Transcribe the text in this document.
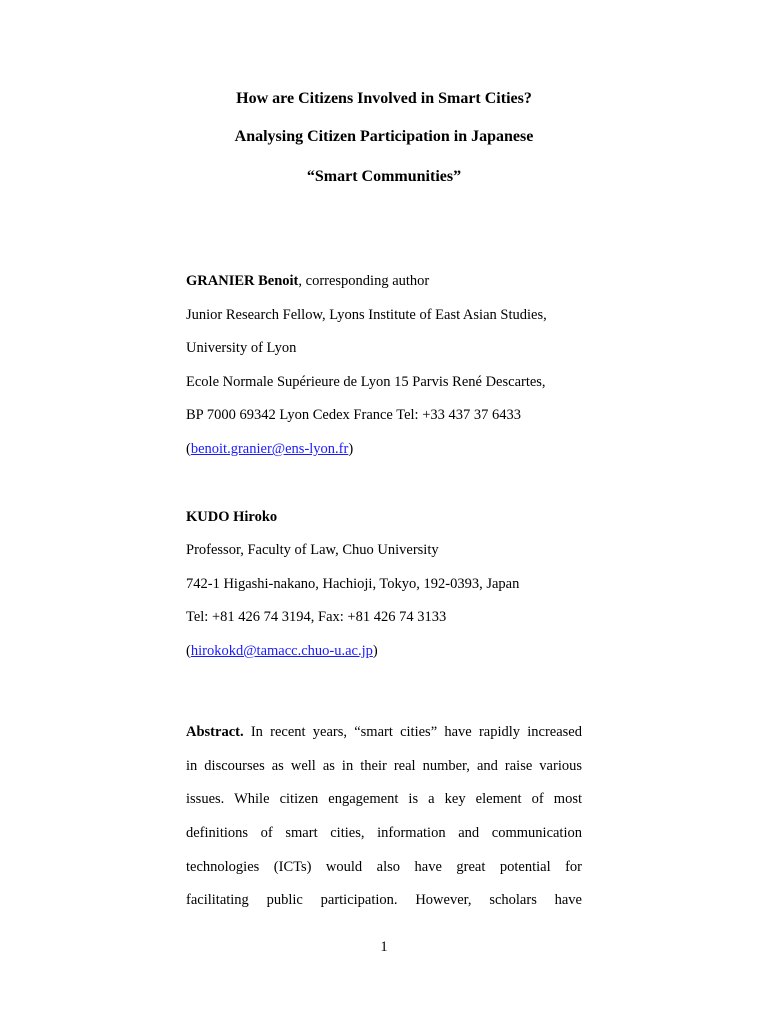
How are Citizens Involved in Smart Cities?
Analysing Citizen Participation in Japanese
“Smart Communities”
GRANIER Benoit, corresponding author
Junior Research Fellow, Lyons Institute of East Asian Studies,
University of Lyon
Ecole Normale Supérieure de Lyon 15 Parvis René Descartes,
BP 7000 69342 Lyon Cedex France Tel: +33 437 37 6433
(benoit.granier@ens-lyon.fr)
KUDO Hiroko
Professor, Faculty of Law, Chuo University
742-1 Higashi-nakano, Hachioji, Tokyo, 192-0393, Japan
Tel: +81 426 74 3194, Fax: +81 426 74 3133
(hirokokd@tamacc.chuo-u.ac.jp)
Abstract. In recent years, “smart cities” have rapidly increased
in discourses as well as in their real number, and raise various
issues. While citizen engagement is a key element of most
definitions of smart cities, information and communication
technologies (ICTs) would also have great potential for
facilitating public participation. However, scholars have
1
